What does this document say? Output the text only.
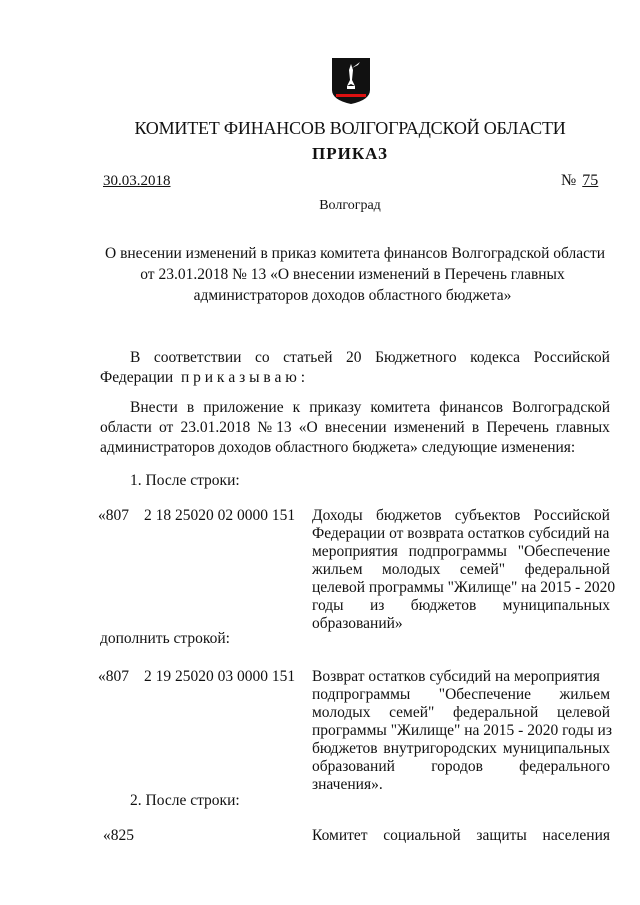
КОМИТЕТ ФИНАНСОВ ВОЛГОГРАДСКОЙ ОБЛАСТИ
ПРИКАЗ
30.03.2018	№ 75
Волгоград
О внесении изменений в приказ комитета финансов Волгоградской области
от 23.01.2018 № 13 «О внесении изменений в Перечень главных
администраторов доходов областного бюджета»
В соответствии со статьей 20 Бюджетного кодекса Российской
Федерации  п р и к а з ы в а ю :
Внести в приложение к приказу комитета финансов Волгоградской
области от 23.01.2018 № 13 «О внесении изменений в Перечень главных
администраторов доходов областного бюджета» следующие изменения:
1. После строки:
«807 2 18 25020 02 0000 151 Доходы бюджетов субъектов Российской
Федерации от возврата остатков субсидий на
мероприятия подпрограммы "Обеспечение
жильем молодых семей" федеральной
целевой программы "Жилище" на 2015 - 2020
годы из бюджетов муниципальных
образований»
дополнить строкой:
«807 2 19 25020 03 0000 151 Возврат остатков субсидий на мероприятия
подпрограммы "Обеспечение жильем
молодых семей" федеральной целевой
программы "Жилище" на 2015 - 2020 годы из
бюджетов внутригородских муниципальных
образований городов федерального
значения».
2. После строки:
«825	Комитет социальной защиты населения
